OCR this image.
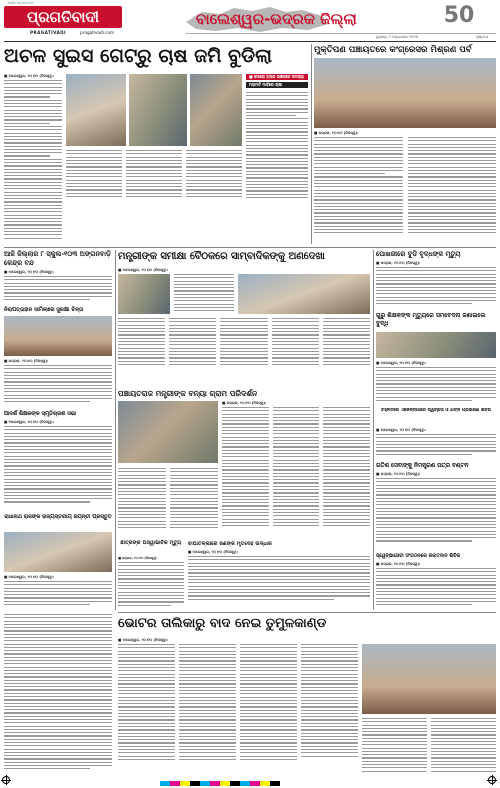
ନିର୍ଭୀକ ସମ୍ବାଦପତ୍ର
ପ୍ରଗତିବାଦୀ
PRAGATIVADI	pragativadi.com
ବାଲେଶ୍ୱର-ଭଦ୍ରକ ଜିଲ୍ଲା	50
ବୁଧବାର, ୨ ଅକ୍ଟୋବର ୨୦୨୩	ପୃଷ୍ଠା-୫
ଅଚଳ ସୁଇସ ଗେଟ୍‌ରୁ ଚାଷ ଜମି ବୁଡିଲା
■ ବାଲେଶ୍ୱର, ୧୦।୧୦ (ନିଜସ୍ୱ):	■ ସୋରୋ ବ୍ଲକ ଅଞ୍ଚଳରେ ସମସ୍ୟା
ମରାମତି ଦାବିରେ ଚାଷୀ
ମୁକ୍ତିପଣ ପଞ୍ଚାୟତରେ କଂଗ୍ରେସର ମିଶ୍ରଣ ପର୍ବ
■ ଭଦ୍ରକ, ୧୦।୧୦ (ନିଜସ୍ୱ):
ଆଜି ଜିଲ୍ଲାର ୮ ସ୍କୁଲ-୧୦୩ ଅଙ୍ଗନବାଡ଼ି କେନ୍ଦ୍ର ବନ୍ଦ
■ ବାଲେଶ୍ୱର, ୧୦।୧୦ (ନିଜସ୍ୱ):
ମନ୍ତ୍ରୀଙ୍କ ସମୀକ୍ଷା ବୈଠକରେ ସାମ୍ବାଦିକଙ୍କୁ ଅଣଦେଖା
■ ବାଲେଶ୍ୱର, ୧୦।୧୦ (ନିଜସ୍ୱ):
ପୋଖରୀରେ ବୁଡି ବୃଦ୍ଧଙ୍କ ମୃତ୍ୟୁ
■ ଭଦ୍ରକ, ୧୦।୧୦ (ନିଜସ୍ୱ):
ନିରାପତ୍ତାହୀନ ସାମିଲାରେ ସୁରକ୍ଷା ଚିନ୍ତା
■ ଭଦ୍ରକ, ୧୦।୧୦ (ନିଜସ୍ୱ):
ଗୁରୁ ଶିକ୍ଷକଙ୍କ ମୃତ୍ୟୁରେ ସମବେଦନା ଜଣାଇଲେ ବୁଦ୍ଧି
■ ବାଲେଶ୍ୱର, ୧୦।୧୦ (ନିଜସ୍ୱ):
ପଞ୍ଚାୟତରାଜ ମନ୍ତ୍ରୀଙ୍କ ବନ୍ୟା ଗ୍ରାମ ପରିଦର୍ଶନ
■ ଭଦ୍ରକ, ୧୦।୧୦ (ନିଜସ୍ୱ):
ଆଦର୍ଶ ଶିକ୍ଷକଙ୍କ ସ୍ମୃତିଚାରଣ ସଭା
■ ବାଲେଶ୍ୱର, ୧୦।୧୦ (ନିଜସ୍ୱ):
ଚିହ୍ନିତରେ ଏଜେନ୍ସିଆରେ ସ୍ୱଚ୍ଛତା ଓ ଯତ୍ନ ପ୍ରଶିକ୍ଷଣ ଶିବିର
■ ବାଲେଶ୍ୱର, ୧୦।୧୦ (ନିଜସ୍ୱ):
ଗତିଶ ସେବାଙ୍କୁ ନିମନ୍ତ୍ରଣ ପତ୍ର ବଣ୍ଟନ
■ ଭଦ୍ରକ, ୧୦।୧୦ (ନିଜସ୍ୱ):
ରାଧାନାଥ ରାଜଙ୍କ ରାଜ୍ୟସ୍ତରୀୟ ଜୟନ୍ତୀ ପ୍ରସ୍ତୁତି
■ ବାଲେଶ୍ୱର, ୧୦।୧୦ (ନିଜସ୍ୱ):
ଛାତ୍ରଙ୍କ ଅସ୍ୱାଭାବିକ ମୃତ୍ୟୁ
■ ଭଦ୍ରକ, ୧୦।୧୦ (ନିଜସ୍ୱ):
ବାଘାତଳ୍ଲୀରେ ଜଣଙ୍କ ମୃତଦେହ ଉଦ୍ଧାର
■ ବାଲେଶ୍ୱର, ୧୦।୧୦ (ନିଜସ୍ୱ):
ସ୍ୱେଚ୍ଛାସେବୀ ସଂଗଠନରେ ରକ୍ତଦାନ ଶିବିର
■ ଭଦ୍ରକ, ୧୦।୧୦ (ନିଜସ୍ୱ):
ଭୋଟର ତାଲିକାରୁ ବାଦ ନେଇ ତୁମୁଳକାଣ୍ଡ
■ ବାଲେଶ୍ୱର, ୧୦।୧୦ (ନିଜସ୍ୱ):
